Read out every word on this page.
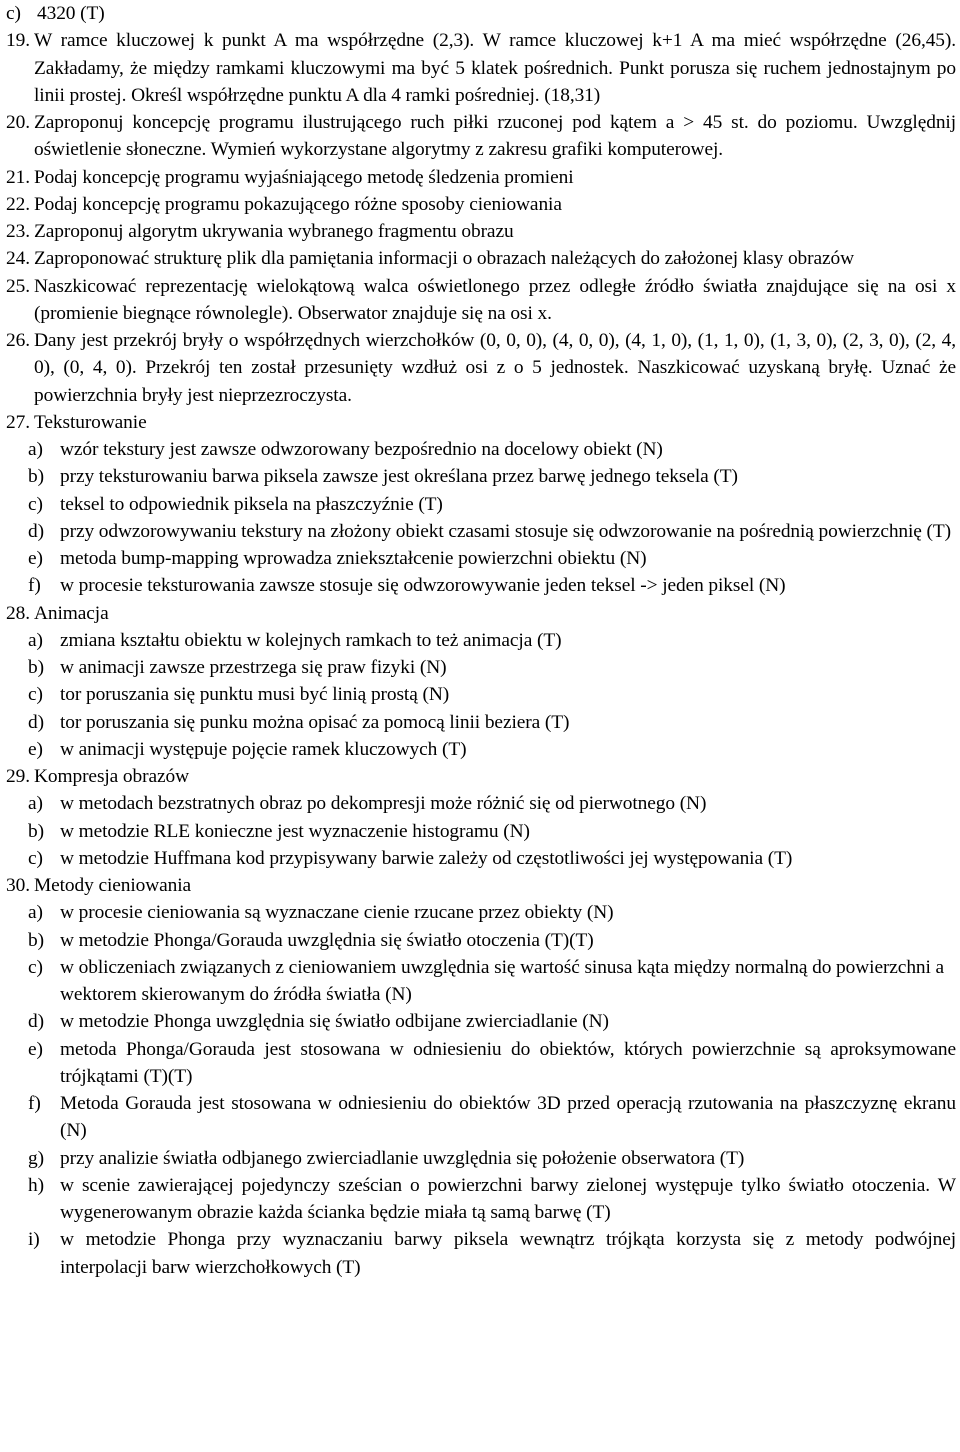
c) 4320 (T)
19. W ramce kluczowej k punkt A ma współrzędne (2,3). W ramce kluczowej k+1 A ma mieć współrzędne (26,45). Zakładamy, że między ramkami kluczowymi ma być 5 klatek pośrednich. Punkt porusza się ruchem jednostajnym po linii prostej. Określ współrzędne punktu A dla 4 ramki pośredniej. (18,31)
20. Zaproponuj koncepcję programu ilustrującego ruch piłki rzuconej pod kątem a > 45 st. do poziomu. Uwzględnij oświetlenie słoneczne. Wymień wykorzystane algorytmy z zakresu grafiki komputerowej.
21. Podaj koncepcję programu wyjaśniającego metodę śledzenia promieni
22. Podaj koncepcję programu pokazującego różne sposoby cieniowania
23. Zaproponuj algorytm ukrywania wybranego fragmentu obrazu
24. Zaproponować strukturę plik dla pamiętania informacji o obrazach należących do założonej klasy obrazów
25. Naszkicować reprezentację wielokątową walca oświetlonego przez odległe źródło światła znajdujące się na osi x (promienie biegnące równolegle). Obserwator znajduje się na osi x.
26. Dany jest przekrój bryły o współrzędnych wierzchołków (0, 0, 0), (4, 0, 0), (4, 1, 0), (1, 1, 0), (1, 3, 0), (2, 3, 0), (2, 4, 0), (0, 4, 0). Przekrój ten został przesunięty wzdłuż osi z o 5 jednostek. Naszkicować uzyskaną bryłę. Uznać że powierzchnia bryły jest nieprzezroczysta.
27. Teksturowanie
a) wzór tekstury jest zawsze odwzorowany bezpośrednio na docelowy obiekt (N)
b) przy teksturowaniu barwa piksela zawsze jest określana przez barwę jednego teksela (T)
c) teksel to odpowiednik piksela na płaszczyźnie (T)
d) przy odwzorowywaniu tekstury na złożony obiekt czasami stosuje się odwzorowanie na pośrednią powierzchnię (T)
e) metoda bump-mapping wprowadza zniekształcenie powierzchni obiektu (N)
f) w procesie teksturowania zawsze stosuje się odwzorowywanie jeden teksel -> jeden piksel (N)
28. Animacja
a) zmiana kształtu obiektu w kolejnych ramkach to też animacja (T)
b) w animacji zawsze przestrzega się praw fizyki (N)
c) tor poruszania się punktu musi być linią prostą (N)
d) tor poruszania się punku można opisać za pomocą linii beziera (T)
e) w animacji występuje pojęcie ramek kluczowych (T)
29. Kompresja obrazów
a) w metodach bezstratnych obraz po dekompresji może różnić się od pierwotnego (N)
b) w metodzie RLE konieczne jest wyznaczenie histogramu (N)
c) w metodzie Huffmana kod przypisywany barwie zależy od częstotliwości jej występowania (T)
30. Metody cieniowania
a) w procesie cieniowania są wyznaczane cienie rzucane przez obiekty (N)
b) w metodzie Phonga/Gorauda uwzględnia się światło otoczenia (T)(T)
c) w obliczeniach związanych z cieniowaniem uwzględnia się wartość sinusa kąta między normalną do powierzchni a wektorem skierowanym do źródła światła (N)
d) w metodzie Phonga uwzględnia się światło odbijane zwierciadlanie (N)
e) metoda Phonga/Gorauda jest stosowana w odniesieniu do obiektów, których powierzchnie są aproksymowane trójkątami (T)(T)
f) Metoda Gorauda jest stosowana w odniesieniu do obiektów 3D przed operacją rzutowania na płaszczyznę ekranu (N)
g) przy analizie światła odbjanego zwierciadlanie uwzględnia się położenie obserwatora (T)
h) w scenie zawierającej pojedynczy sześcian o powierzchni barwy zielonej występuje tylko światło otoczenia. W wygenerowanym obrazie każda ścianka będzie miała tą samą barwę (T)
i) w metodzie Phonga przy wyznaczaniu barwy piksela wewnątrz trójkąta korzysta się z metody podwójnej interpolacji barw wierzchołkowych (T)
